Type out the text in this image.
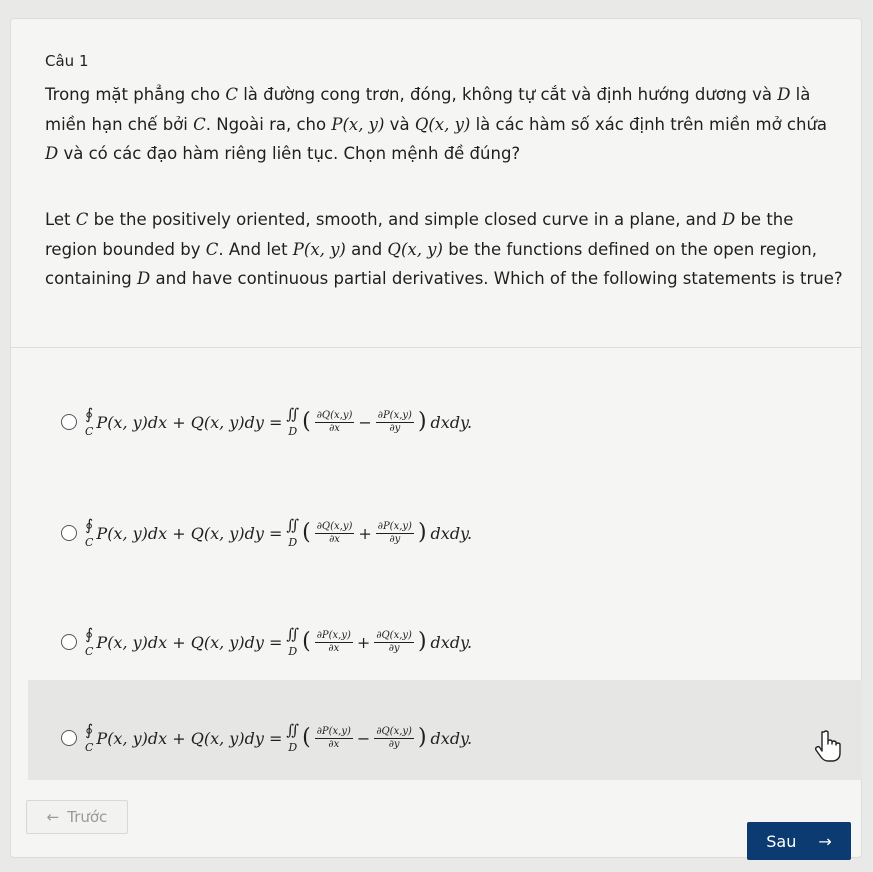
Câu 1
Trong mặt phẳng cho C là đường cong trơn, đóng, không tự cắt và định hướng dương và D là miền hạn chế bởi C. Ngoài ra, cho P(x, y) và Q(x, y) là các hàm số xác định trên miền mở chứa D và có các đạo hàm riêng liên tục. Chọn mệnh đề đúng?
Let C be the positively oriented, smooth, and simple closed curve in a plane, and D be the region bounded by C. And let P(x, y) and Q(x, y) be the functions defined on the open region, containing D and have continuous partial derivatives. Which of the following statements is true?
∮
C P(x, y)dx + Q(x, y)dy = ∬
D ( $\frac{\partial Q(x,y)}{\partial x} - \frac{\partial P(x,y)}{\partial y}$ ) dxdy.
∮
C P(x, y)dx + Q(x, y)dy = ∬
D ( $\frac{\partial Q(x,y)}{\partial x} + \frac{\partial P(x,y)}{\partial y}$ ) dxdy.
∮
C P(x, y)dx + Q(x, y)dy = ∬
D ( $\frac{\partial P(x,y)}{\partial x} + \frac{\partial Q(x,y)}{\partial y}$ ) dxdy.
∮
C P(x, y)dx + Q(x, y)dy = ∬
D ( $\frac{\partial P(x,y)}{\partial x} - \frac{\partial Q(x,y)}{\partial y}$ ) dxdy.
← Trước
Sau →
